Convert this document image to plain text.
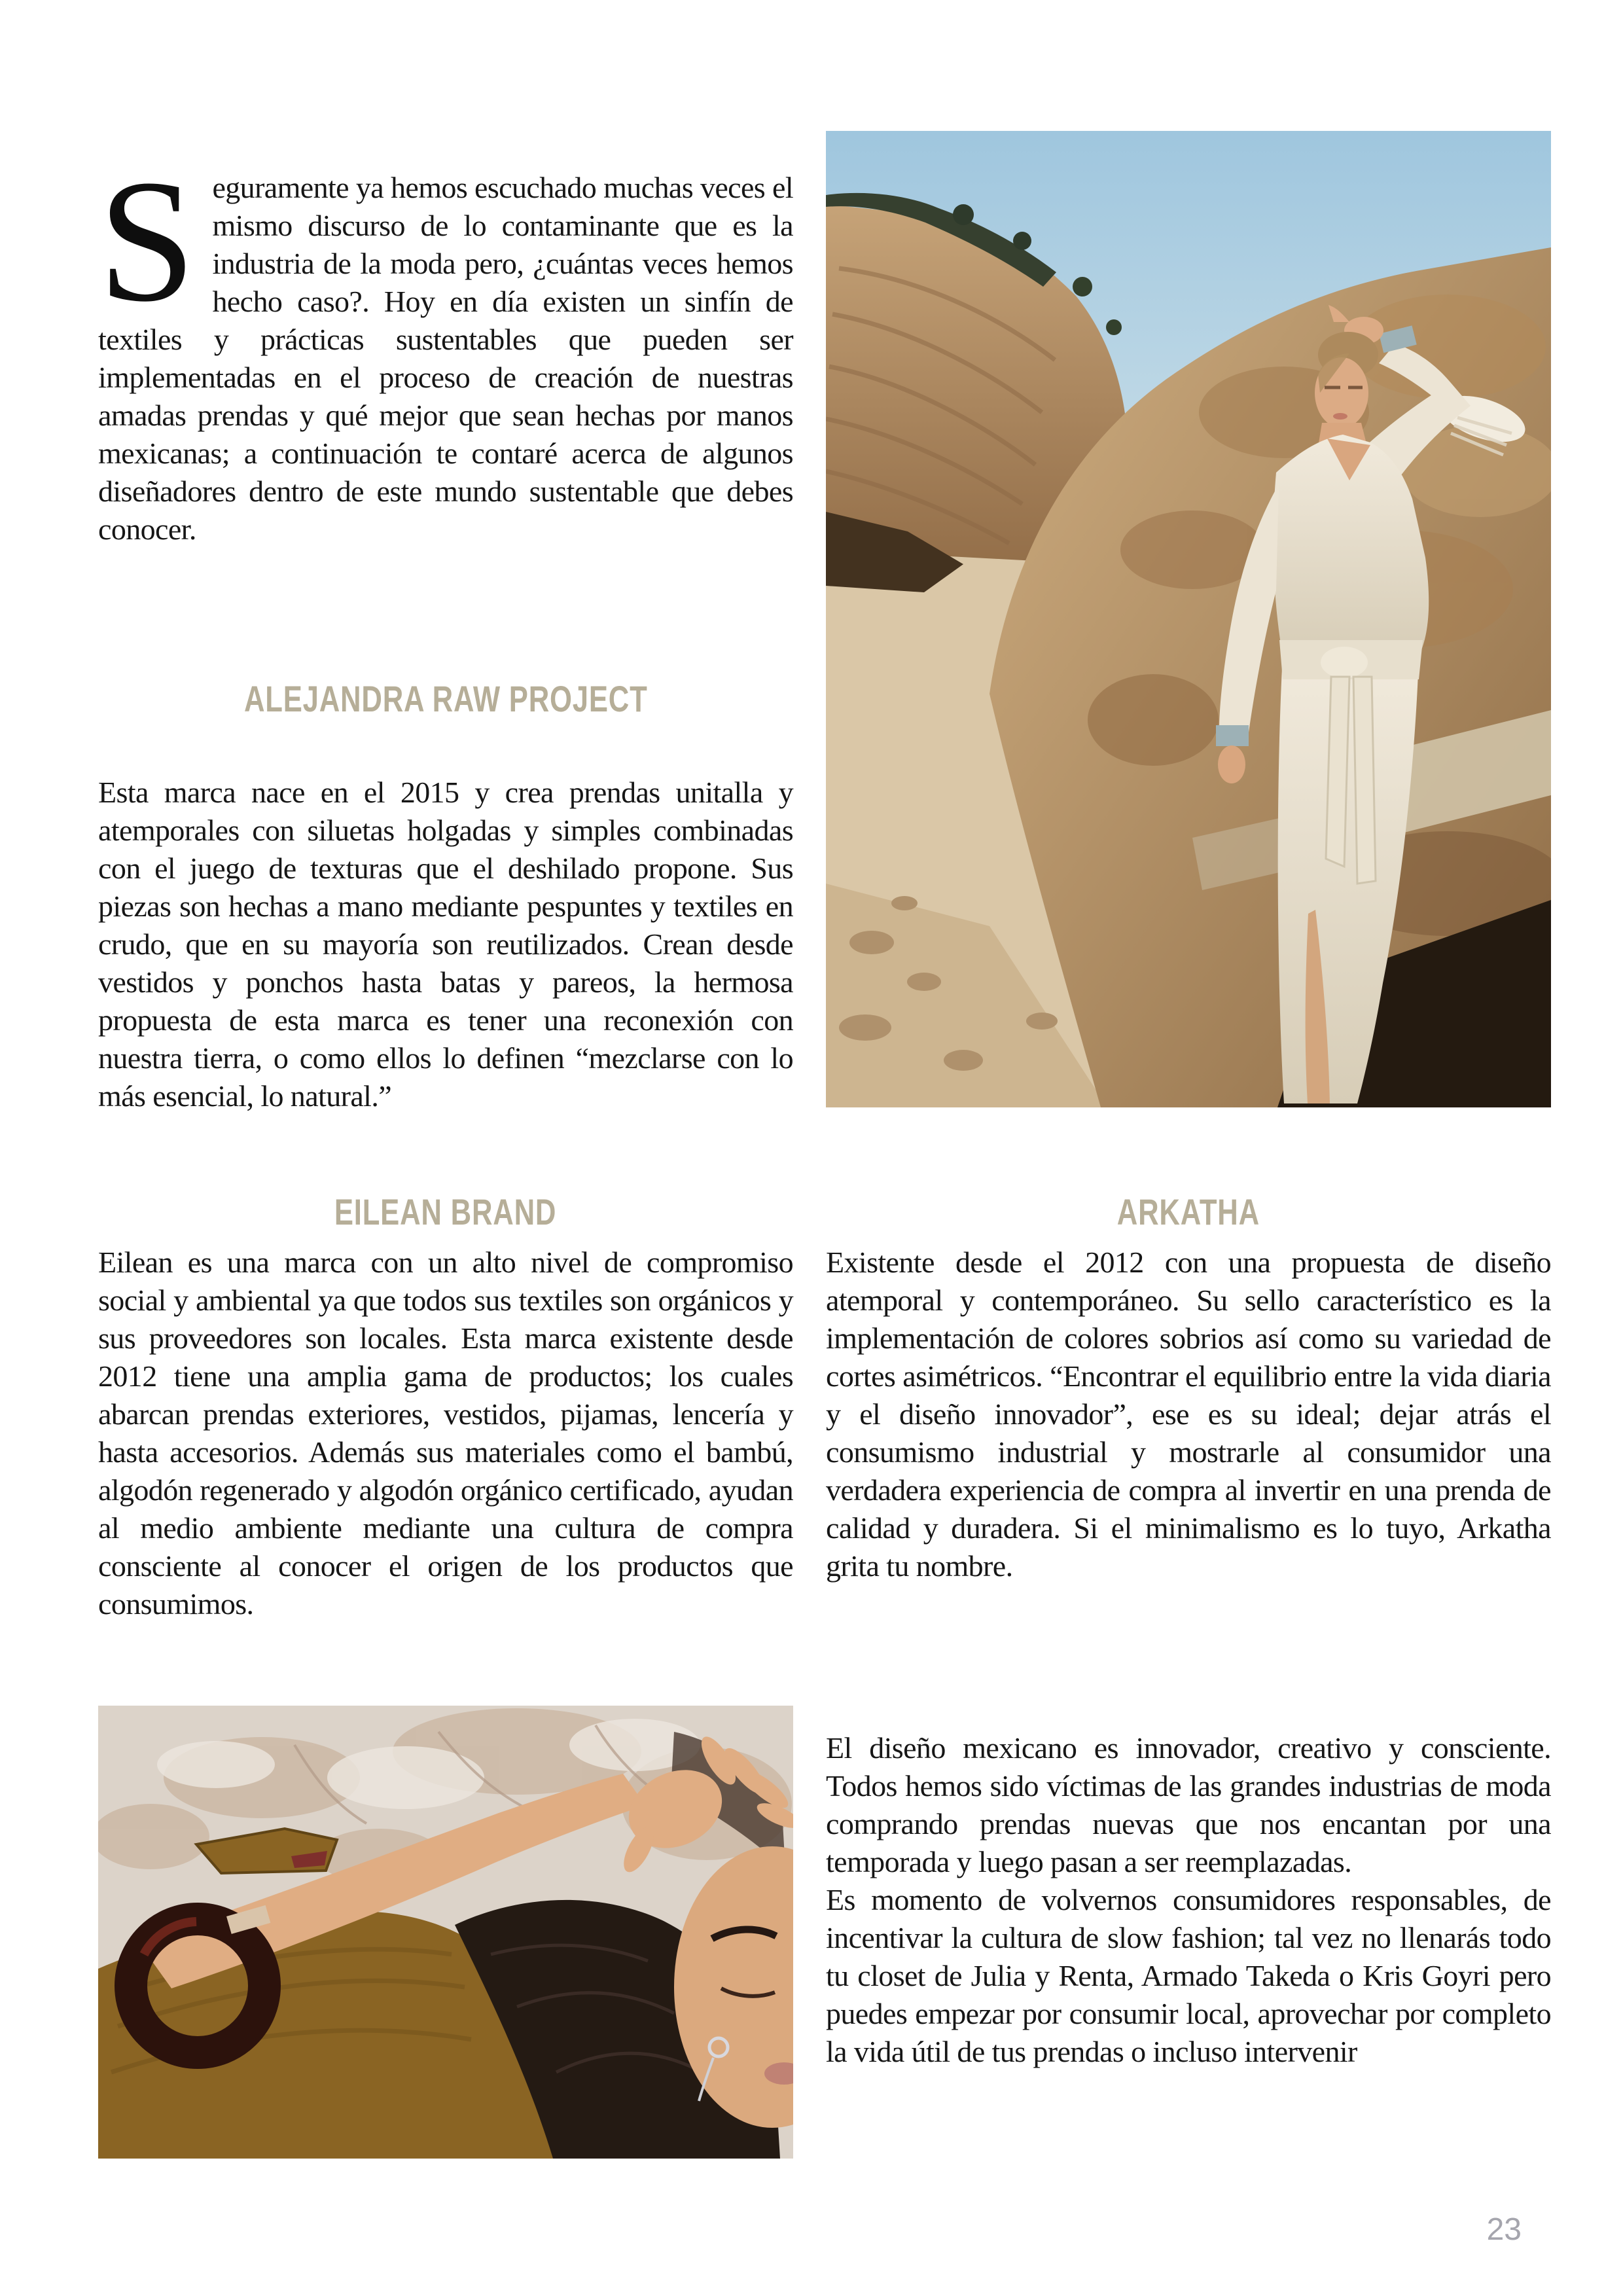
Seguramente ya hemos escuchado muchas veces el mismo discurso de lo contaminante que es la industria de la moda pero, ¿cuántas veces hemos hecho caso?. Hoy en día existen un sinfín de textiles y prácticas sustentables que pueden ser implementadas en el proceso de creación de nuestras amadas prendas y qué mejor que sean hechas por manos mexicanas; a continuación te contaré acerca de algunos diseñadores dentro de este mundo sustentable que debes conocer.
ALEJANDRA RAW PROJECT

Esta marca nace en el 2015 y crea prendas unitalla y atemporales con siluetas holgadas y simples combinadas con el juego de texturas que el deshilado propone. Sus piezas son hechas a mano mediante pespuntes y textiles en crudo, que en su mayoría son reutilizados. Crean desde vestidos y ponchos hasta batas y pareos, la hermosa propuesta de esta marca es tener una reconexión con nuestra tierra, o como ellos lo definen “mezclarse con lo más esencial, lo natural.”

EILEAN BRAND	ARKATHA

Eilean es una marca con un alto nivel de compromiso social y ambiental ya que todos sus textiles son orgánicos y sus proveedores son locales. Esta marca existente desde 2012 tiene una amplia gama de productos; los cuales abarcan prendas exteriores, vestidos, pijamas, lencería y hasta accesorios. Además sus materiales como el bambú, algodón regenerado y algodón orgánico certificado, ayudan al medio ambiente mediante una cultura de compra consciente al conocer el origen de los productos que consumimos.

Existente desde el 2012 con una propuesta de diseño atemporal y contemporáneo. Su sello característico es la implementación de colores sobrios así como su variedad de cortes asimétricos. “Encontrar el equilibrio entre la vida diaria y el diseño innovador”, ese es su ideal; dejar atrás el consumismo industrial y mostrarle al consumidor una verdadera experiencia de compra al invertir en una prenda de calidad y duradera. Si el minimalismo es lo tuyo, Arkatha grita tu nombre.

El diseño mexicano es innovador, creativo y consciente. Todos hemos sido víctimas de las grandes industrias de moda comprando prendas nuevas que nos encantan por una temporada y luego pasan a ser reemplazadas.

Es momento de volvernos consumidores responsables, de incentivar la cultura de slow fashion; tal vez no llenarás todo tu closet de Julia y Renta, Armado Takeda o Kris Goyri pero puedes empezar por consumir local, aprovechar por completo la vida útil de tus prendas o incluso intervenir

23
